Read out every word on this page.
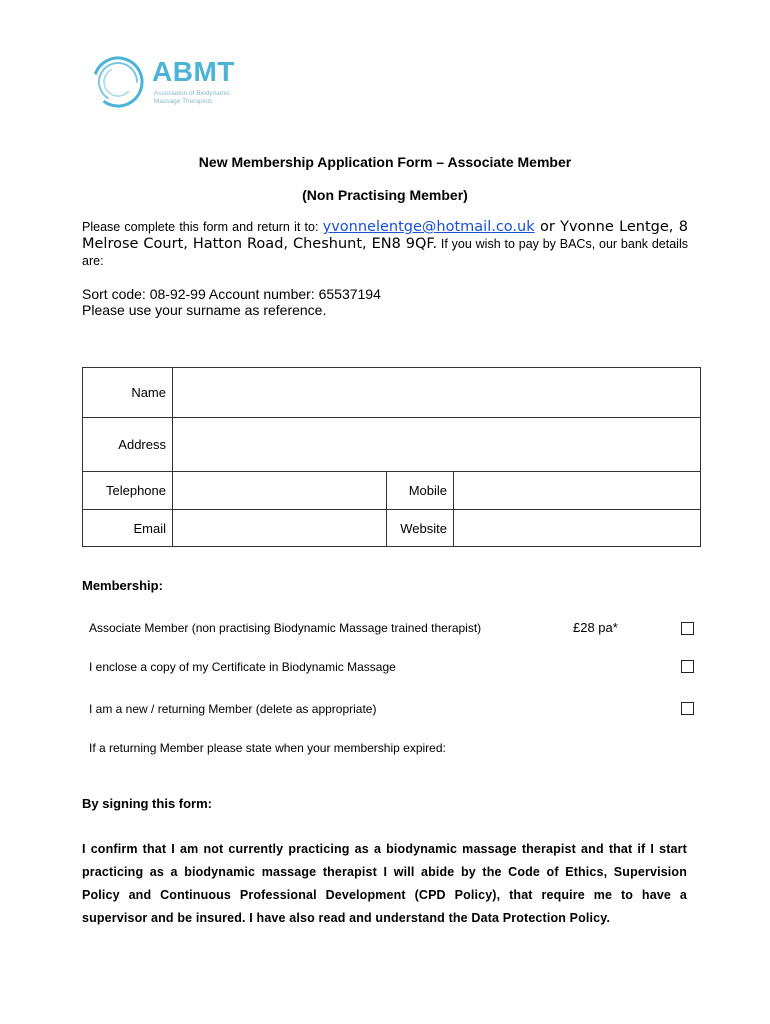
ABMT
Association of Biodynamic Massage Therapists
New Membership Application Form – Associate Member
(Non Practising Member)
Please complete this form and return it to: yvonnelentge@hotmail.co.uk or Yvonne Lentge, 8 Melrose Court, Hatton Road, Cheshunt, EN8 9QF. If you wish to pay by BACs, our bank details are:
Sort code: 08-92-99 Account number: 65537194
Please use your surname as reference.
Name			
Address			
Telephone		Mobile	
Email		Website	
Membership:
Associate Member (non practising Biodynamic Massage trained therapist)	£28 pa*
I enclose a copy of my Certificate in Biodynamic Massage
I am a new / returning Member (delete as appropriate)
If a returning Member please state when your membership expired:
By signing this form:
I confirm that I am not currently practicing as a biodynamic massage therapist and that if I start practicing as a biodynamic massage therapist I will abide by the Code of Ethics, Supervision Policy and Continuous Professional Development (CPD Policy), that require me to have a supervisor and be insured. I have also read and understand the Data Protection Policy.
